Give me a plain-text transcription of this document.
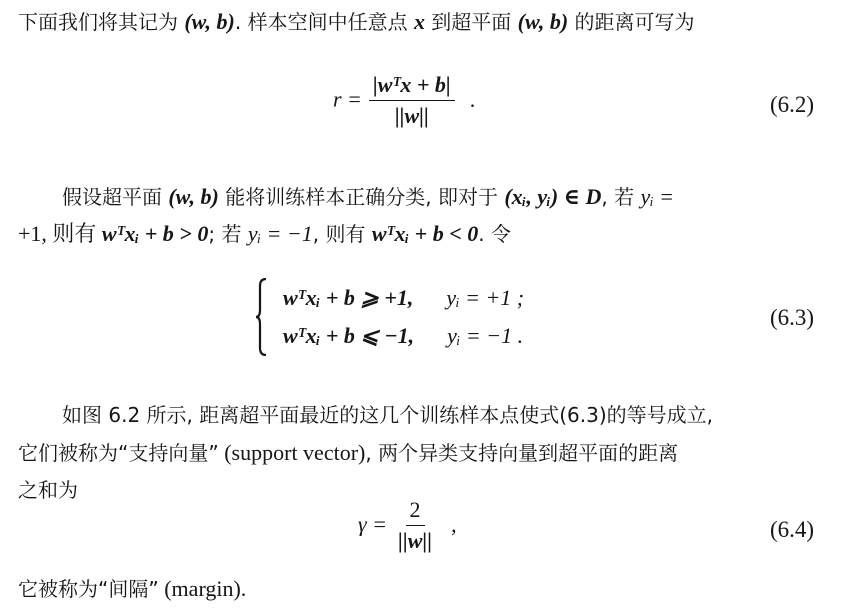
下面我们将其记为 (w, b). 样本空间中任意点 x 到超平面 (w, b) 的距离可写为
$r = \frac{\text{|wᵀx + b|}}{||w||}$ .	(6.2)
假设超平面 (w, b) 能将训练样本正确分类, 即对于 (xᵢ, yᵢ) ∈ D, 若 yᵢ =
+1, 则有 wᵀxᵢ + b > 0; 若 yᵢ = −1, 则有 wᵀxᵢ + b < 0. 令
wᵀxᵢ + b ⩾ +1, yᵢ = +1 ;
wᵀxᵢ + b ⩽ −1, yᵢ = −1 .
(6.3)
如图 6.2 所示, 距离超平面最近的这几个训练样本点使式(6.3)的等号成立,
它们被称为“支持向量” (support vector), 两个异类支持向量到超平面的距离
之和为
$\gamma = \frac{2}{||w||}$ ,	(6.4)
它被称为“间隔” (margin).
